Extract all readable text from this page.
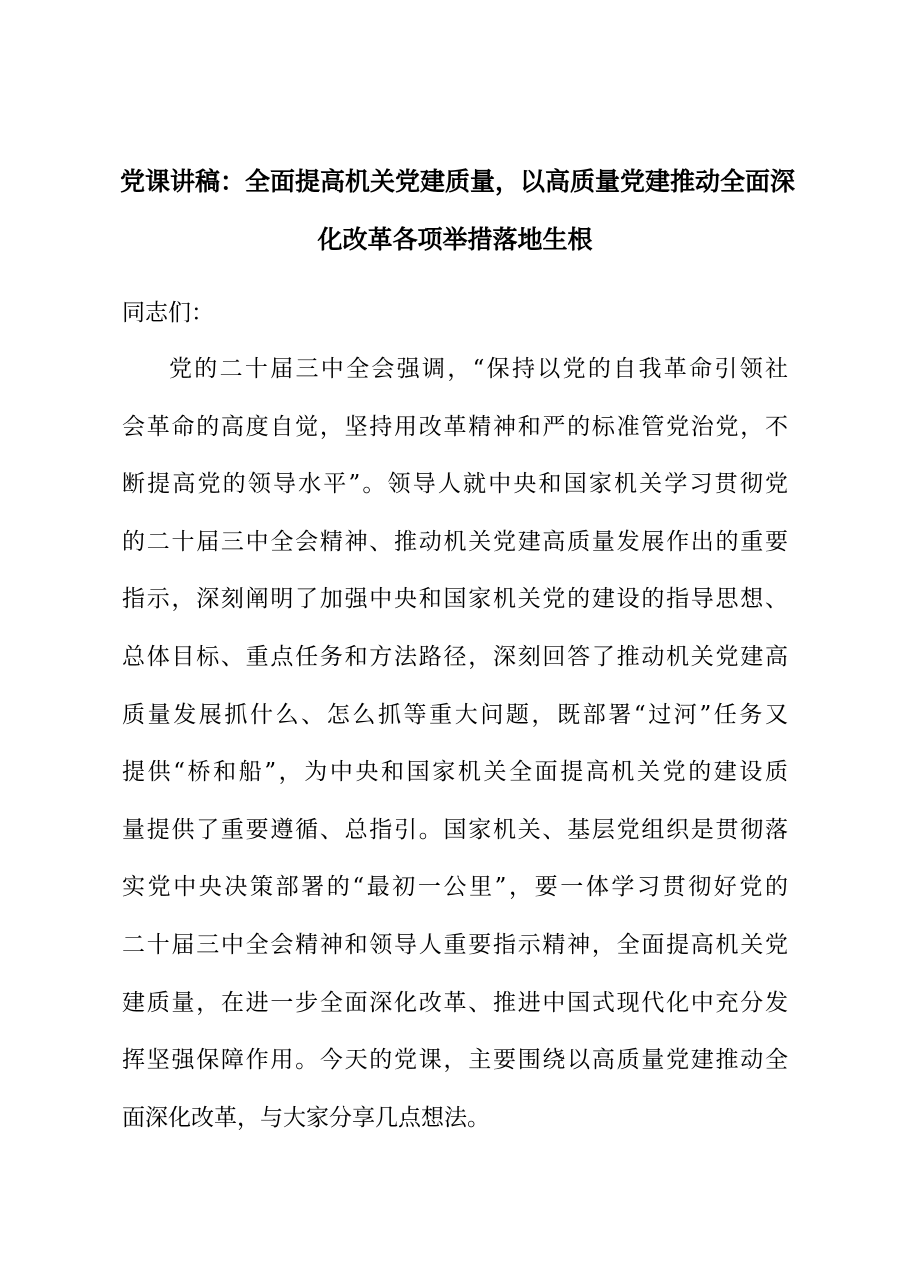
党课讲稿：全面提高机关党建质量，以高质量党建推动全面深
化改革各项举措落地生根

同志们：

党的二十届三中全会强调，“保持以党的自我革命引领社
会革命的高度自觉，坚持用改革精神和严的标准管党治党，不
断提高党的领导水平”。领导人就中央和国家机关学习贯彻党
的二十届三中全会精神、推动机关党建高质量发展作出的重要
指示，深刻阐明了加强中央和国家机关党的建设的指导思想、
总体目标、重点任务和方法路径，深刻回答了推动机关党建高
质量发展抓什么、怎么抓等重大问题，既部署“过河”任务又
提供“桥和船”，为中央和国家机关全面提高机关党的建设质
量提供了重要遵循、总指引。国家机关、基层党组织是贯彻落
实党中央决策部署的“最初一公里”，要一体学习贯彻好党的
二十届三中全会精神和领导人重要指示精神，全面提高机关党
建质量，在进一步全面深化改革、推进中国式现代化中充分发
挥坚强保障作用。今天的党课，主要围绕以高质量党建推动全
面深化改革，与大家分享几点想法。
